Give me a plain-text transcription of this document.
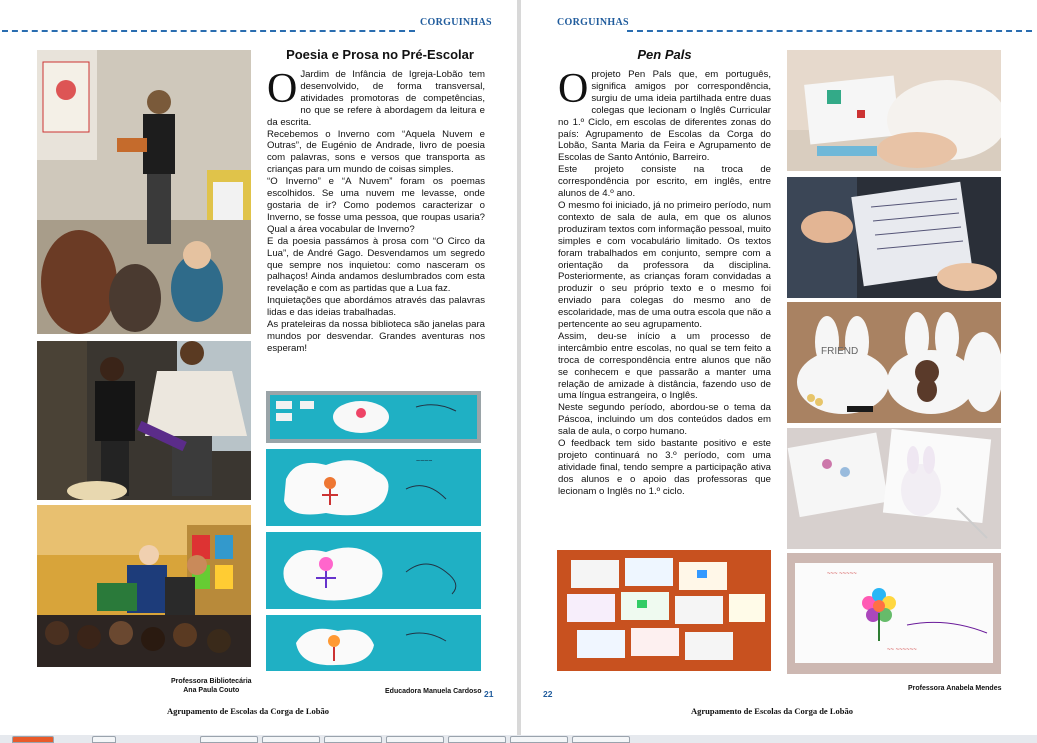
CORGUINHAS
Poesia e Prosa no Pré-Escolar
O Jardim de Infância de Igreja-Lobão tem desenvolvido, de forma transversal, atividades promotoras de competências, no que se refere à abordagem da leitura e da escrita.

Recebemos o Inverno com “Aquela Nuvem e Outras”, de Eugénio de Andrade, livro de poesia com palavras, sons e versos que transporta as crianças para um mundo de coisas simples.

“O Inverno” e “A Nuvem” foram os poemas escolhidos. Se uma nuvem me levasse, onde gostaria de ir? Como podemos caracterizar o Inverno, se fosse uma pessoa, que roupas usaria? Qual a área vocabular de Inverno?

E da poesia passámos à prosa com “O Circo da Lua”, de André Gago. Desvendamos um segredo que sempre nos inquietou: como nasceram os palhaços! Ainda andamos deslumbrados com esta revelação e com as partidas que a Lua faz.

Inquietações que abordámos através das palavras lidas e das ideias trabalhadas.

As prateleiras da nossa biblioteca são janelas para mundos por desvendar. Grandes aventuras nos esperam!

~~~~
Professora Bibliotecária
Ana Paula Couto	Educadora Manuela Cardoso 21
Agrupamento de Escolas da Corga de Lobão
CORGUINHAS
Pen Pals
O projeto Pen Pals que, em português, significa amigos por correspondência, surgiu de uma ideia partilhada entre duas colegas que lecionam o Inglês Curricular no 1.º Ciclo, em escolas de diferentes zonas do país: Agrupamento de Escolas da Corga do Lobão, Santa Maria da Feira e Agrupamento de Escolas de Santo António, Barreiro.

Este projeto consiste na troca de correspondência por escrito, em inglês, entre alunos de 4.º ano.

O mesmo foi iniciado, já no primeiro período, num contexto de sala de aula, em que os alunos produziram textos com informação pessoal, muito simples e com vocabulário limitado. Os textos foram trabalhados em conjunto, sempre com a orientação da professora da disciplina. Posteriormente, as crianças foram convidadas a produzir o seu próprio texto e o mesmo foi enviado para colegas do mesmo ano de escolaridade, mas de uma outra escola que não a pertencente ao seu agrupamento.

Assim, deu-se início a um processo de intercâmbio entre escolas, no qual se tem feito a troca de correspondência entre alunos que não se conhecem e que passarão a manter uma relação de amizade à distância, fazendo uso de uma língua estrangeira, o Inglês.

Neste segundo período, abordou-se o tema da Páscoa, incluindo um dos conteúdos dados em sala de aula, o corpo humano.

O feedback tem sido bastante positivo e este projeto continuará no 3.º período, com uma atividade final, tendo sempre a participação ativa dos alunos e o apoio das professoras que lecionam o Inglês no 1.º ciclo.

FRIEND
~~~ ~~~~~
~~ ~~~~~~
22
Professora Anabela Mendes
Agrupamento de Escolas da Corga de Lobão
